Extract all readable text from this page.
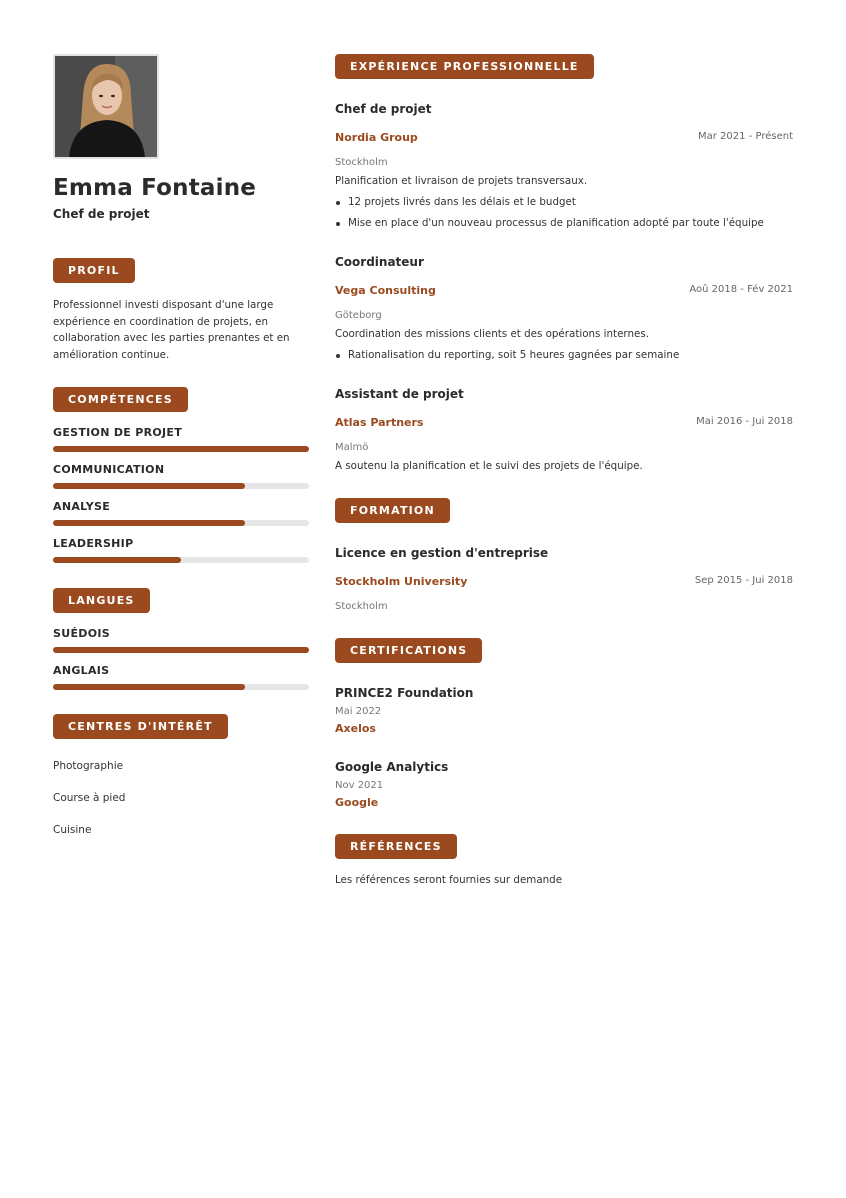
Emma Fontaine
Chef de projet
PROFIL
Professionnel investi disposant d'une large expérience en coordination de projets, en collaboration avec les parties prenantes et en amélioration continue.
COMPÉTENCES
GESTION DE PROJET
COMMUNICATION
ANALYSE
LEADERSHIP
LANGUES
SUÉDOIS
ANGLAIS
CENTRES D'INTÉRÊT
Photographie
Course à pied
Cuisine
EXPÉRIENCE PROFESSIONNELLE
Chef de projet
Nordia Group	Mar 2021 - Présent
Stockholm
Planification et livraison de projets transversaux.
12 projets livrés dans les délais et le budget
Mise en place d'un nouveau processus de planification adopté par toute l'équipe
Coordinateur
Vega Consulting	Aoû 2018 - Fév 2021
Göteborg
Coordination des missions clients et des opérations internes.
Rationalisation du reporting, soit 5 heures gagnées par semaine
Assistant de projet
Atlas Partners	Mai 2016 - Jui 2018
Malmö
A soutenu la planification et le suivi des projets de l'équipe.
FORMATION
Licence en gestion d'entreprise
Stockholm University	Sep 2015 - Jui 2018
Stockholm
CERTIFICATIONS
PRINCE2 Foundation
Mai 2022
Axelos
Google Analytics
Nov 2021
Google
RÉFÉRENCES
Les références seront fournies sur demande
